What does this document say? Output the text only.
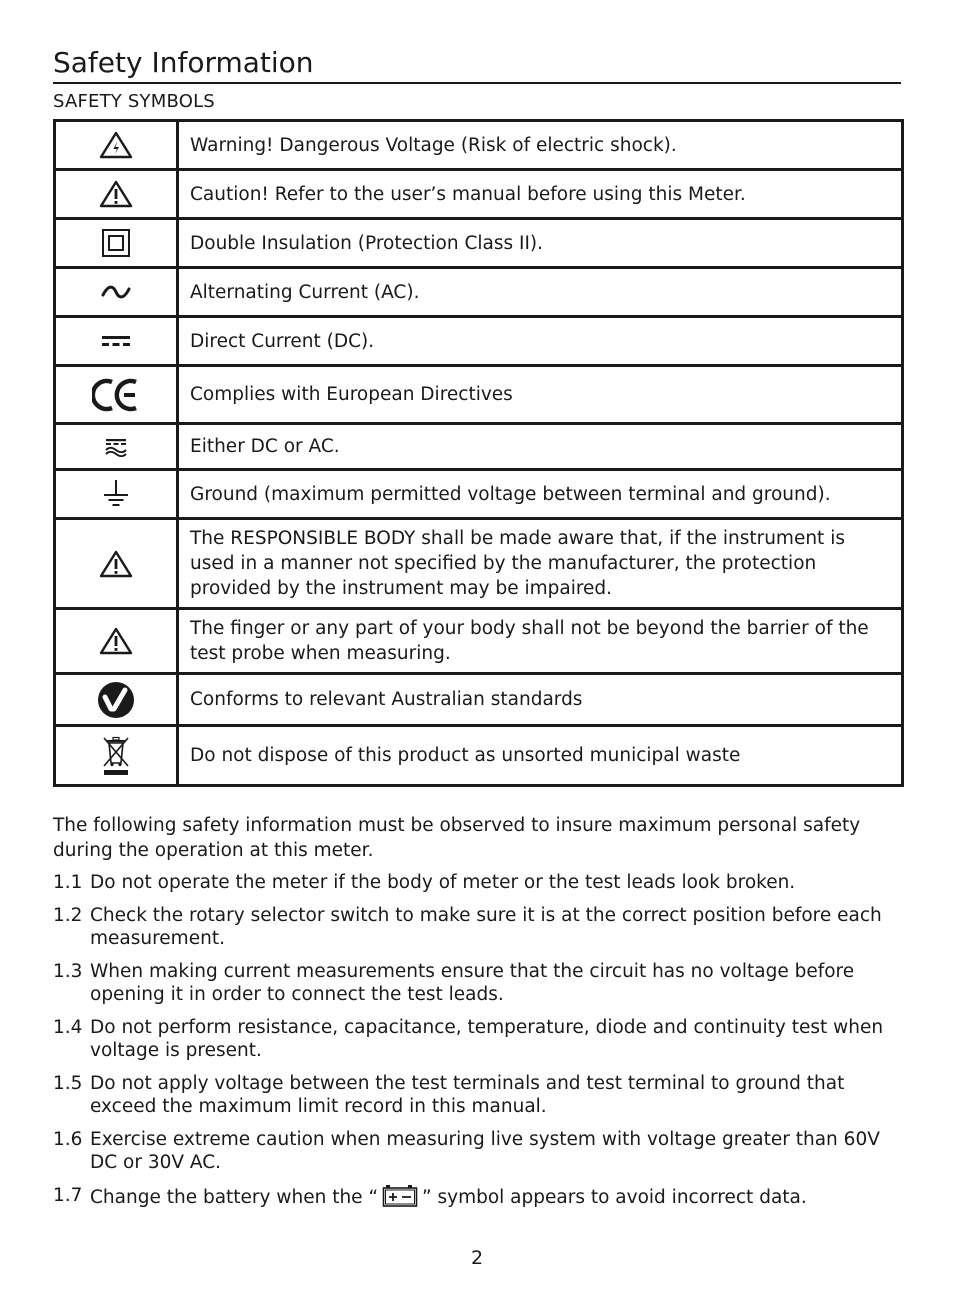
Safety Information
SAFETY SYMBOLS
	Warning! Dangerous Voltage (Risk of electric shock).

	Caution! Refer to the user’s manual before using this Meter.

	Double Insulation (Protection Class II).

	Alternating Current (AC).

	Direct Current (DC).

	Complies with European Directives

	Either DC or AC.

	Ground (maximum permitted voltage between terminal and ground).

	The RESPONSIBLE BODY shall be made aware that, if the instrument is used in a manner not specified by the manufacturer, the protection provided by the instrument may be impaired.

	The finger or any part of your body shall not be beyond the barrier of the test probe when measuring.

	Conforms to relevant Australian standards

	Do not dispose of this product as unsorted municipal waste
The following safety information must be observed to insure maximum personal safety during the operation at this meter.
1.1 Do not operate the meter if the body of meter or the test leads look broken.
1.2 Check the rotary selector switch to make sure it is at the correct position before each measurement.
1.3 When making current measurements ensure that the circuit has no voltage before opening it in order to connect the test leads.
1.4 Do not perform resistance, capacitance, temperature, diode and continuity test when voltage is present.
1.5 Do not apply voltage between the test terminals and test terminal to ground that exceed the maximum limit record in this manual.
1.6 Exercise extreme caution when measuring live system with voltage greater than 60V DC or 30V AC.
1.7 Change the battery when the “ ” symbol appears to avoid incorrect data.
2
